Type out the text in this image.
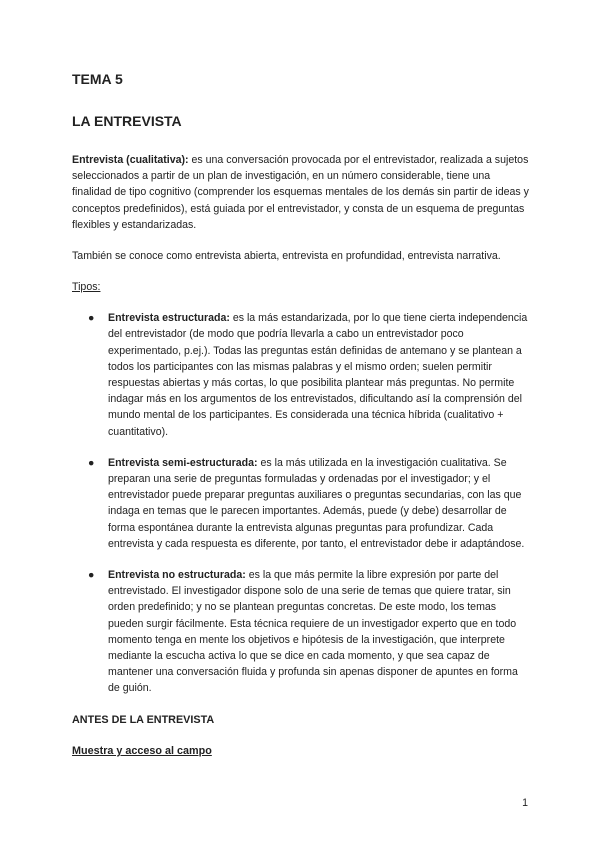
TEMA 5
LA ENTREVISTA

Entrevista (cualitativa): es una conversación provocada por el entrevistador, realizada a sujetos seleccionados a partir de un plan de investigación, en un número considerable, tiene una finalidad de tipo cognitivo (comprender los esquemas mentales de los demás sin partir de ideas y conceptos predefinidos), está guiada por el entrevistador, y consta de un esquema de preguntas flexibles y estandarizadas.

También se conoce como entrevista abierta, entrevista en profundidad, entrevista narrativa.

Tipos:
● Entrevista estructurada: es la más estandarizada, por lo que tiene cierta independencia del entrevistador (de modo que podría llevarla a cabo un entrevistador poco experimentado, p.ej.). Todas las preguntas están definidas de antemano y se plantean a todos los participantes con las mismas palabras y el mismo orden; suelen permitir respuestas abiertas y más cortas, lo que posibilita plantear más preguntas. No permite indagar más en los argumentos de los entrevistados, dificultando así la comprensión del mundo mental de los participantes. Es considerada una técnica híbrida (cualitativo + cuantitativo).
● Entrevista semi-estructurada: es la más utilizada en la investigación cualitativa. Se preparan una serie de preguntas formuladas y ordenadas por el investigador; y el entrevistador puede preparar preguntas auxiliares o preguntas secundarias, con las que indaga en temas que le parecen importantes. Además, puede (y debe) desarrollar de forma espontánea durante la entrevista algunas preguntas para profundizar. Cada entrevista y cada respuesta es diferente, por tanto, el entrevistador debe ir adaptándose.
● Entrevista no estructurada: es la que más permite la libre expresión por parte del entrevistado. El investigador dispone solo de una serie de temas que quiere tratar, sin orden predefinido; y no se plantean preguntas concretas. De este modo, los temas pueden surgir fácilmente. Esta técnica requiere de un investigador experto que en todo momento tenga en mente los objetivos e hipótesis de la investigación, que interprete mediante la escucha activa lo que se dice en cada momento, y que sea capaz de mantener una conversación fluida y profunda sin apenas disponer de apuntes en forma de guión.
ANTES DE LA ENTREVISTA
Muestra y acceso al campo
1
